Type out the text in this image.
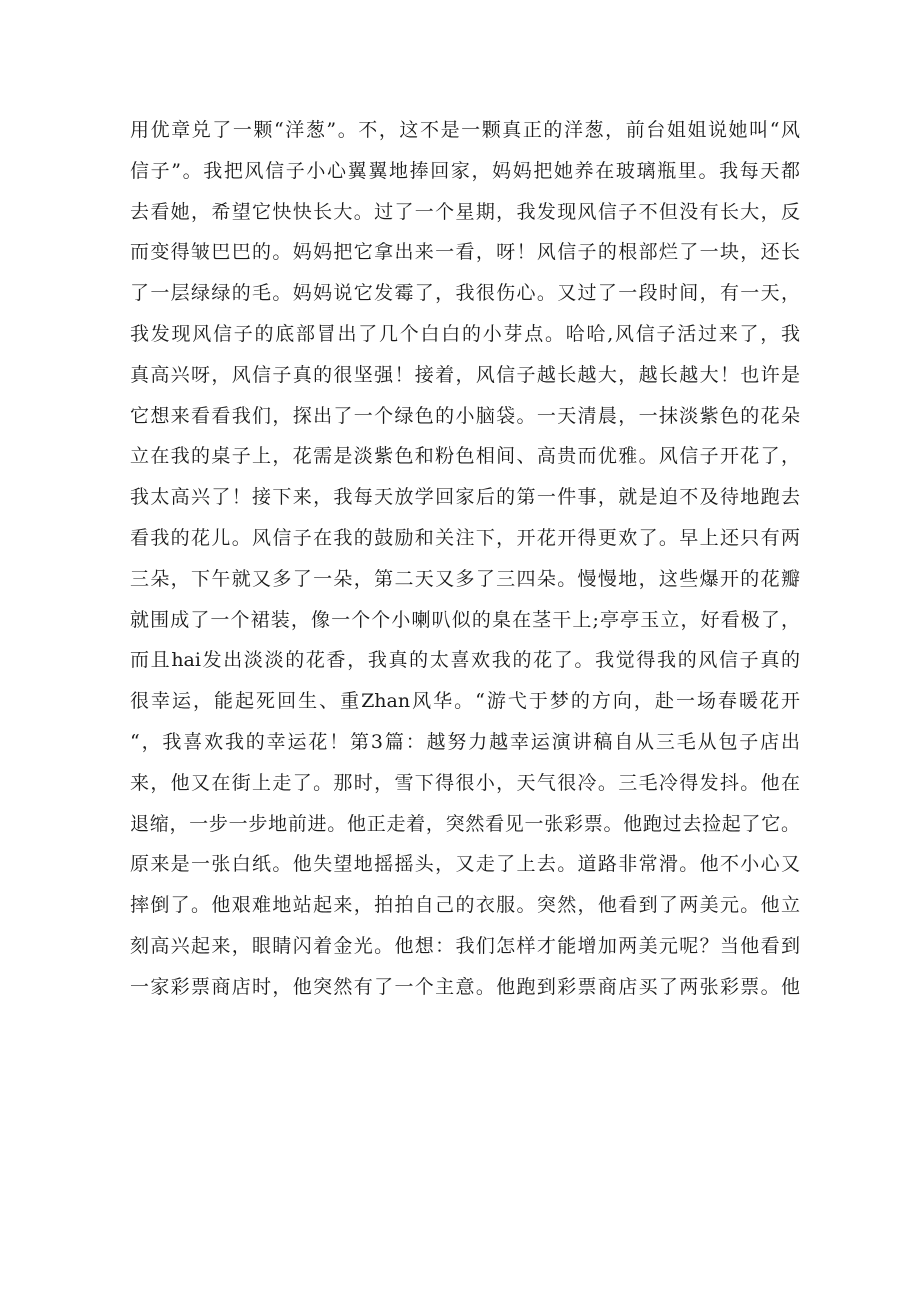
用优章兑了一颗“洋葱”。不，这不是一颗真正的洋葱，前台姐姐说她叫“风
信子”。我把风信子小心翼翼地捧回家，妈妈把她养在玻璃瓶里。我每天都
去看她，希望它快快长大。过了一个星期，我发现风信子不但没有长大，反
而变得皱巴巴的。妈妈把它拿出来一看，呀！风信子的根部烂了一块，还长
了一层绿绿的毛。妈妈说它发霉了，我很伤心。又过了一段时间，有一天，
我发现风信子的底部冒出了几个白白的小芽点。哈哈,风信子活过来了，我
真高兴呀，风信子真的很坚强！接着，风信子越长越大，越长越大！也许是
它想来看看我们，探出了一个绿色的小脑袋。一天清晨，一抹淡紫色的花朵
立在我的桌子上，花需是淡紫色和粉色相间、高贵而优雅。风信子开花了，
我太高兴了！接下来，我每天放学回家后的第一件事，就是迫不及待地跑去
看我的花儿。风信子在我的鼓励和关注下，开花开得更欢了。早上还只有两
三朵，下午就又多了一朵，第二天又多了三四朵。慢慢地，这些爆开的花瓣
就围成了一个裙装，像一个个小喇叭似的臬在茎干上;亭亭玉立，好看极了，
而且hai发出淡淡的花香，我真的太喜欢我的花了。我觉得我的风信子真的
很幸运，能起死回生、重Zhan风华。“游弋于梦的方向，赴一场春暖花开
“，我喜欢我的幸运花！第3篇：越努力越幸运演讲稿自从三毛从包子店出
来，他又在街上走了。那时，雪下得很小，天气很冷。三毛冷得发抖。他在
退缩，一步一步地前进。他正走着，突然看见一张彩票。他跑过去捡起了它。
原来是一张白纸。他失望地摇摇头，又走了上去。道路非常滑。他不小心又
摔倒了。他艰难地站起来，拍拍自己的衣服。突然，他看到了两美元。他立
刻高兴起来，眼睛闪着金光。他想：我们怎样才能增加两美元呢？当他看到
一家彩票商店时，他突然有了一个主意。他跑到彩票商店买了两张彩票。他
